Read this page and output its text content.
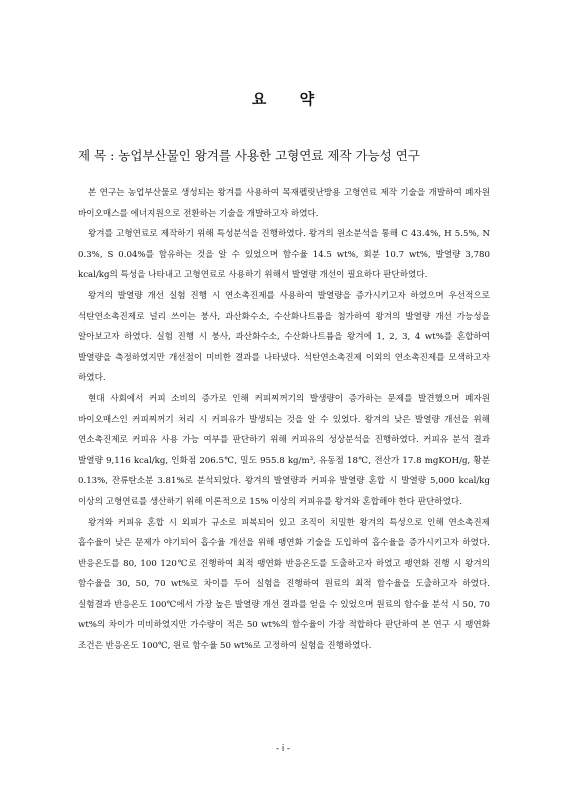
요 약
제 목 : 농업부산물인 왕겨를 사용한 고형연료 제작 가능성 연구

본 연구는 농업부산물로 생성되는 왕겨를 사용하여 목재펠릿난방용 고형연료 제작 기술을 개발하여 폐자원 바이오매스를 에너지원으로 전환하는 기술을 개발하고자 하였다.

왕겨를 고형연료로 제작하기 위해 특성분석을 진행하였다. 왕겨의 원소분석을 통해 C 43.4%, H 5.5%, N 0.3%, S 0.04%를 함유하는 것을 알 수 있었으며 함수율 14.5 wt%, 회분 10.7 wt%, 발열량 3,780 kcal/kg의 특성을 나타내고 고형연료로 사용하기 위해서 발열량 개선이 필요하다 판단하였다.

왕겨의 발열량 개선 실험 진행 시 연소촉진제를 사용하여 발열량을 증가시키고자 하였으며 우선적으로 석탄연소촉진제로 널리 쓰이는 붕사, 과산화수소, 수산화나트륨을 첨가하여 왕겨의 발열량 개선 가능성을 알아보고자 하였다. 실험 진행 시 붕사, 과산화수소, 수산화나트륨을 왕겨에 1, 2, 3, 4 wt%를 혼합하여 발열량을 측정하였지만 개선점이 미비한 결과를 나타냈다. 석탄연소촉진제 이외의 연소촉진제를 모색하고자 하였다.

현대 사회에서 커피 소비의 증가로 인해 커피찌꺼기의 발생량이 증가하는 문제를 발견했으며 폐자원 바이오매스인 커피찌꺼기 처리 시 커피유가 발생되는 것을 알 수 있었다. 왕겨의 낮은 발열량 개선을 위해 연소촉진제로 커피유 사용 가능 여부를 판단하기 위해 커피유의 성상분석을 진행하였다. 커피유 분석 결과 발열량 9,116 kcal/kg, 인화점 206.5℃, 밀도 955.8 kg/m³, 유동점 18℃, 전산가 17.8 mgKOH/g, 황분 0.13%, 잔류탄소분 3.81%로 분석되었다. 왕겨의 발열량과 커피유 발열량 혼합 시 발열량 5,000 kcal/kg 이상의 고형연료를 생산하기 위해 이론적으로 15% 이상의 커피유를 왕겨와 혼합해야 한다 판단하였다.

왕겨와 커피유 혼합 시 외피가 규소로 피복되어 있고 조직이 치밀한 왕겨의 특성으로 인해 연소촉진제 흡수율이 낮은 문제가 야기되어 흡수율 개선을 위해 팽연화 기술을 도입하여 흡수율을 증가시키고자 하였다. 반응온도를 80, 100 120℃로 진행하여 최적 팽연화 반응온도를 도출하고자 하였고 팽연화 진행 시 왕겨의 함수율을 30, 50, 70 wt%로 차이를 두어 실험을 진행하여 원료의 최적 함수율을 도출하고자 하였다. 실험결과 반응온도 100℃에서 가장 높은 발열량 개선 결과를 얻을 수 있었으며 원료의 함수율 분석 시 50, 70 wt%의 차이가 미비하였지만 가수량이 적은 50 wt%의 함수율이 가장 적합하다 판단하여 본 연구 시 팽연화 조건은 반응온도 100℃, 원료 함수율 50 wt%로 고정하여 실험을 진행하였다.

- i -
